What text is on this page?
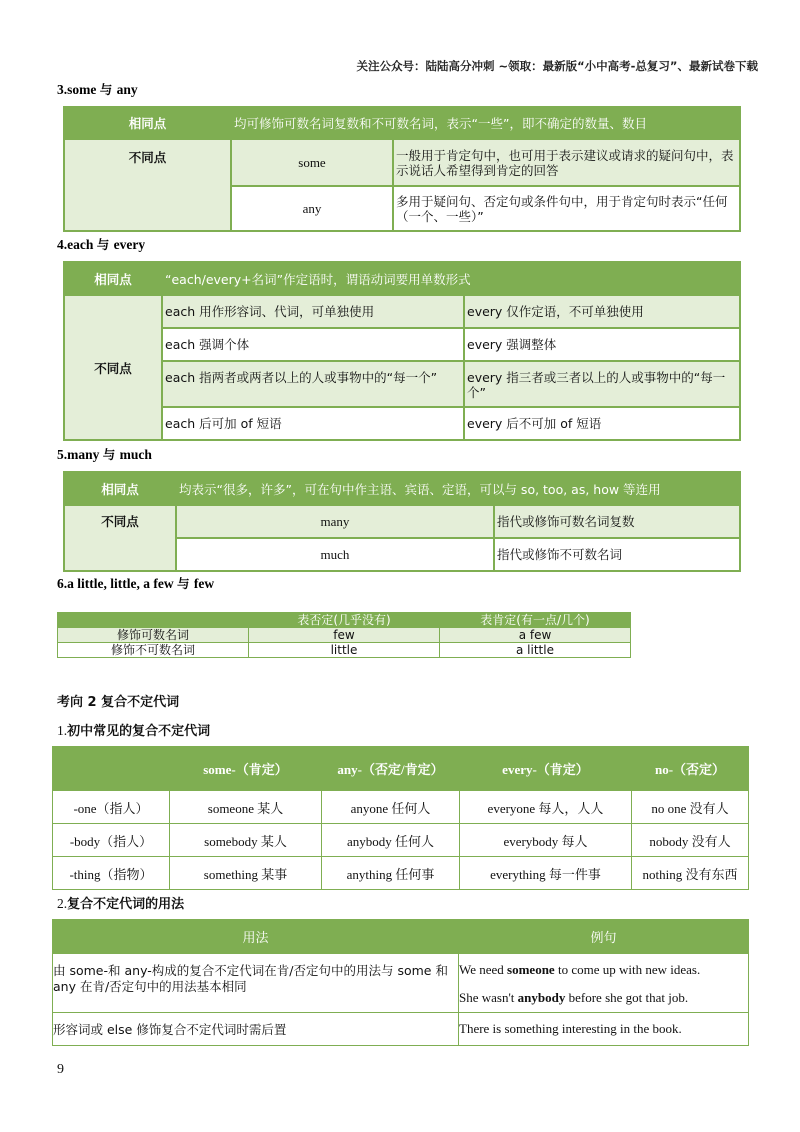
关注公众号：陆陆高分冲刺 ~领取：最新版“小中高考-总复习”、最新试卷下载
3.some 与 any
相同点	均可修饰可数名词复数和不可数名词，表示“一些”，即不确定的数量、数目	
不同点	some	一般用于肯定句中，也可用于表示建议或请求的疑问句中，表示说话人希望得到肯定的回答
	any	多用于疑问句、否定句或条件句中，用于肯定句时表示“任何（一个、一些）”
4.each 与 every
相同点	“each/every+名词”作定语时，谓语动词要用单数形式	
不同点	each 用作形容词、代词，可单独使用	every 仅作定语，不可单独使用
	each 强调个体	every 强调整体
	each 指两者或两者以上的人或事物中的“每一个”	every 指三者或三者以上的人或事物中的“每一个”
	each 后可加 of 短语	every 后不可加 of 短语
5.many 与 much
相同点	均表示“很多，许多”，可在句中作主语、宾语、定语，可以与 so, too, as, how 等连用	
不同点	many	指代或修饰可数名词复数
	much	指代或修饰不可数名词
6.a little, little, a few 与 few
	表否定(几乎没有)	表肯定(有一点/几个)
修饰可数名词	few	a few
修饰不可数名词	little	a little
考向 2 复合不定代词
1.初中常见的复合不定代词
	some-（肯定）	any-（否定/肯定）	every-（肯定）	no-（否定）
-one（指人）	someone 某人	anyone 任何人	everyone 每人，人人	no one 没有人
-body（指人）	somebody 某人	anybody 任何人	everybody 每人	nobody 没有人
-thing（指物）	something 某事	anything 任何事	everything 每一件事	nothing 没有东西
2.复合不定代词的用法
用法	例句
由 some-和 any-构成的复合不定代词在肯/否定句中的用法与 some 和 any 在肯/否定句中的用法基本相同	We need someone to come up with new ideas.
She wasn't anybody before she got that job.

形容词或 else 修饰复合不定代词时需后置	There is something interesting in the book.
9
